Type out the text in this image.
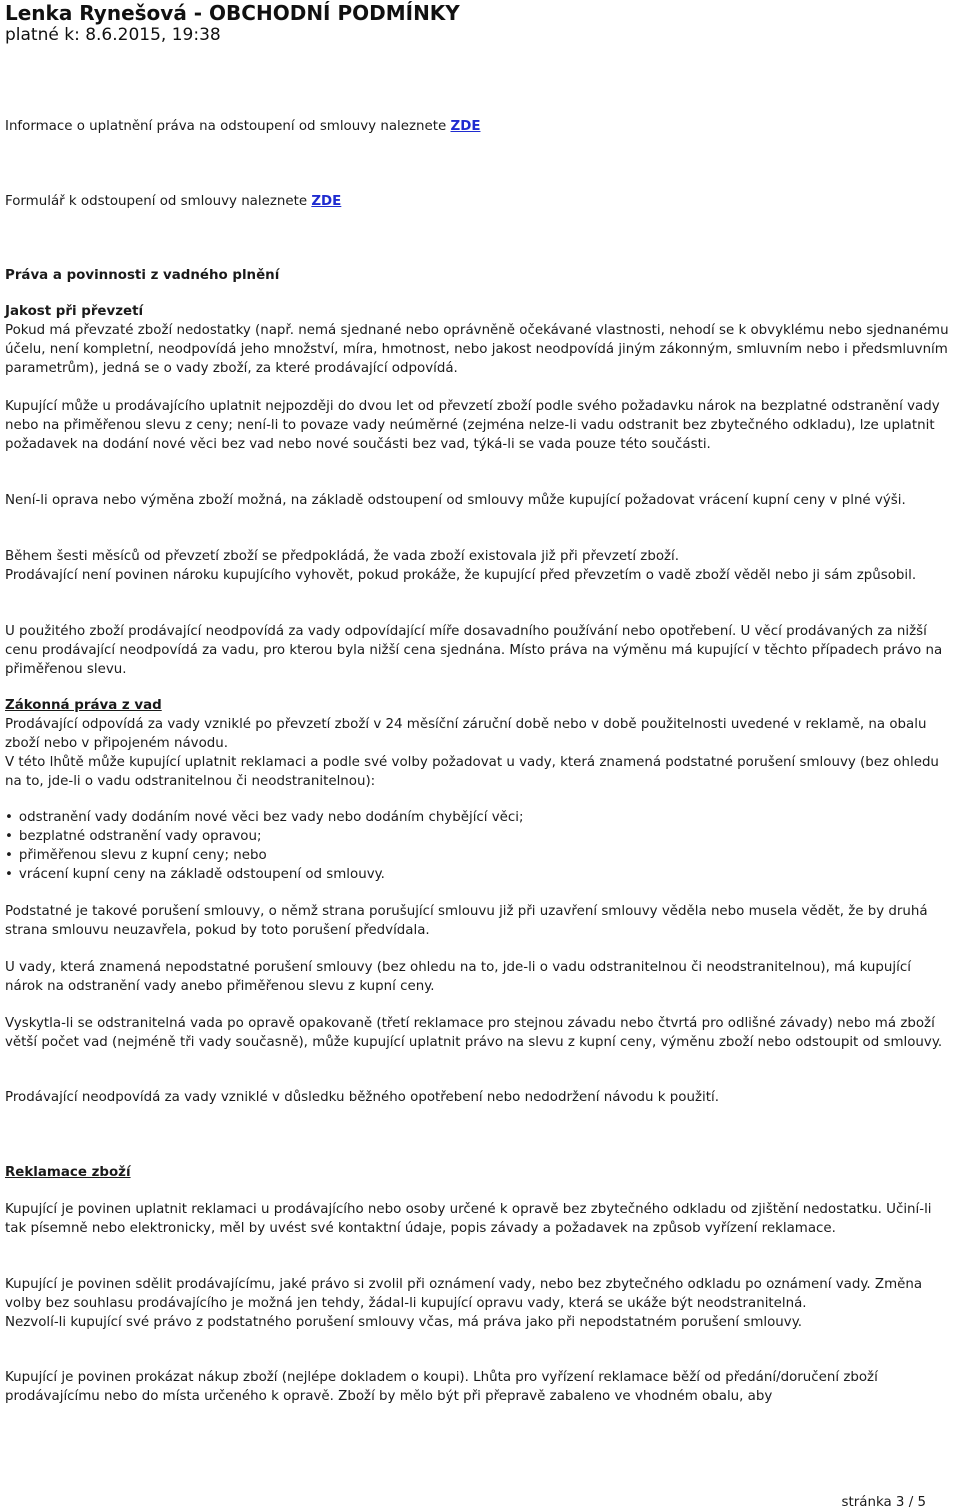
Lenka Rynešová - OBCHODNÍ PODMÍNKY
platné k: 8.6.2015, 19:38

Informace o uplatnění práva na odstoupení od smlouvy naleznete ZDE

Formulář k odstoupení od smlouvy naleznete ZDE

Práva a povinnosti z vadného plnění

Jakost při převzetí

Pokud má převzaté zboží nedostatky (např. nemá sjednané nebo oprávněně očekávané vlastnosti, nehodí se k obvyklému nebo sjednanému účelu, není kompletní, neodpovídá jeho množství, míra, hmotnost, nebo jakost neodpovídá jiným zákonným, smluvním nebo i předsmluvním parametrům), jedná se o vady zboží, za které prodávající odpovídá.

Kupující může u prodávajícího uplatnit nejpozději do dvou let od převzetí zboží podle svého požadavku nárok na bezplatné odstranění vady nebo na přiměřenou slevu z ceny; není-li to povaze vady neúměrné (zejména nelze-li vadu odstranit bez zbytečného odkladu), lze uplatnit požadavek na dodání nové věci bez vad nebo nové součásti bez vad, týká-li se vada pouze této součásti.

Není-li oprava nebo výměna zboží možná, na základě odstoupení od smlouvy může kupující požadovat vrácení kupní ceny v plné výši.

Během šesti měsíců od převzetí zboží se předpokládá, že vada zboží existovala již při převzetí zboží.

Prodávající není povinen nároku kupujícího vyhovět, pokud prokáže, že kupující před převzetím o vadě zboží věděl nebo ji sám způsobil.

U použitého zboží prodávající neodpovídá za vady odpovídající míře dosavadního používání nebo opotřebení. U věcí prodávaných za nižší cenu prodávající neodpovídá za vadu, pro kterou byla nižší cena sjednána. Místo práva na výměnu má kupující v těchto případech právo na přiměřenou slevu.

Zákonná práva z vad

Prodávající odpovídá za vady vzniklé po převzetí zboží v 24 měsíční záruční době nebo v době použitelnosti uvedené v reklamě, na obalu zboží nebo v připojeném návodu.

V této lhůtě může kupující uplatnit reklamaci a podle své volby požadovat u vady, která znamená podstatné porušení smlouvy (bez ohledu na to, jde-li o vadu odstranitelnou či neodstranitelnou):

• odstranění vady dodáním nové věci bez vady nebo dodáním chybějící věci;
• bezplatné odstranění vady opravou;
• přiměřenou slevu z kupní ceny; nebo
• vrácení kupní ceny na základě odstoupení od smlouvy.

Podstatné je takové porušení smlouvy, o němž strana porušující smlouvu již při uzavření smlouvy věděla nebo musela vědět, že by druhá strana smlouvu neuzavřela, pokud by toto porušení předvídala.

U vady, která znamená nepodstatné porušení smlouvy (bez ohledu na to, jde-li o vadu odstranitelnou či neodstranitelnou), má kupující nárok na odstranění vady anebo přiměřenou slevu z kupní ceny.

Vyskytla-li se odstranitelná vada po opravě opakovaně (třetí reklamace pro stejnou závadu nebo čtvrtá pro odlišné závady) nebo má zboží větší počet vad (nejméně tři vady současně), může kupující uplatnit právo na slevu z kupní ceny, výměnu zboží nebo odstoupit od smlouvy.

Prodávající neodpovídá za vady vzniklé v důsledku běžného opotřebení nebo nedodržení návodu k použití.

Reklamace zboží

Kupující je povinen uplatnit reklamaci u prodávajícího nebo osoby určené k opravě bez zbytečného odkladu od zjištění nedostatku. Učiní-li tak písemně nebo elektronicky, měl by uvést své kontaktní údaje, popis závady a požadavek na způsob vyřízení reklamace.

Kupující je povinen sdělit prodávajícímu, jaké právo si zvolil při oznámení vady, nebo bez zbytečného odkladu po oznámení vady. Změna volby bez souhlasu prodávajícího je možná jen tehdy, žádal-li kupující opravu vady, která se ukáže být neodstranitelná.

Nezvolí-li kupující své právo z podstatného porušení smlouvy včas, má práva jako při nepodstatném porušení smlouvy.

Kupující je povinen prokázat nákup zboží (nejlépe dokladem o koupi). Lhůta pro vyřízení reklamace běží od předání/doručení zboží prodávajícímu nebo do místa určeného k opravě. Zboží by mělo být při přepravě zabaleno ve vhodném obalu, aby

stránka 3 / 5
